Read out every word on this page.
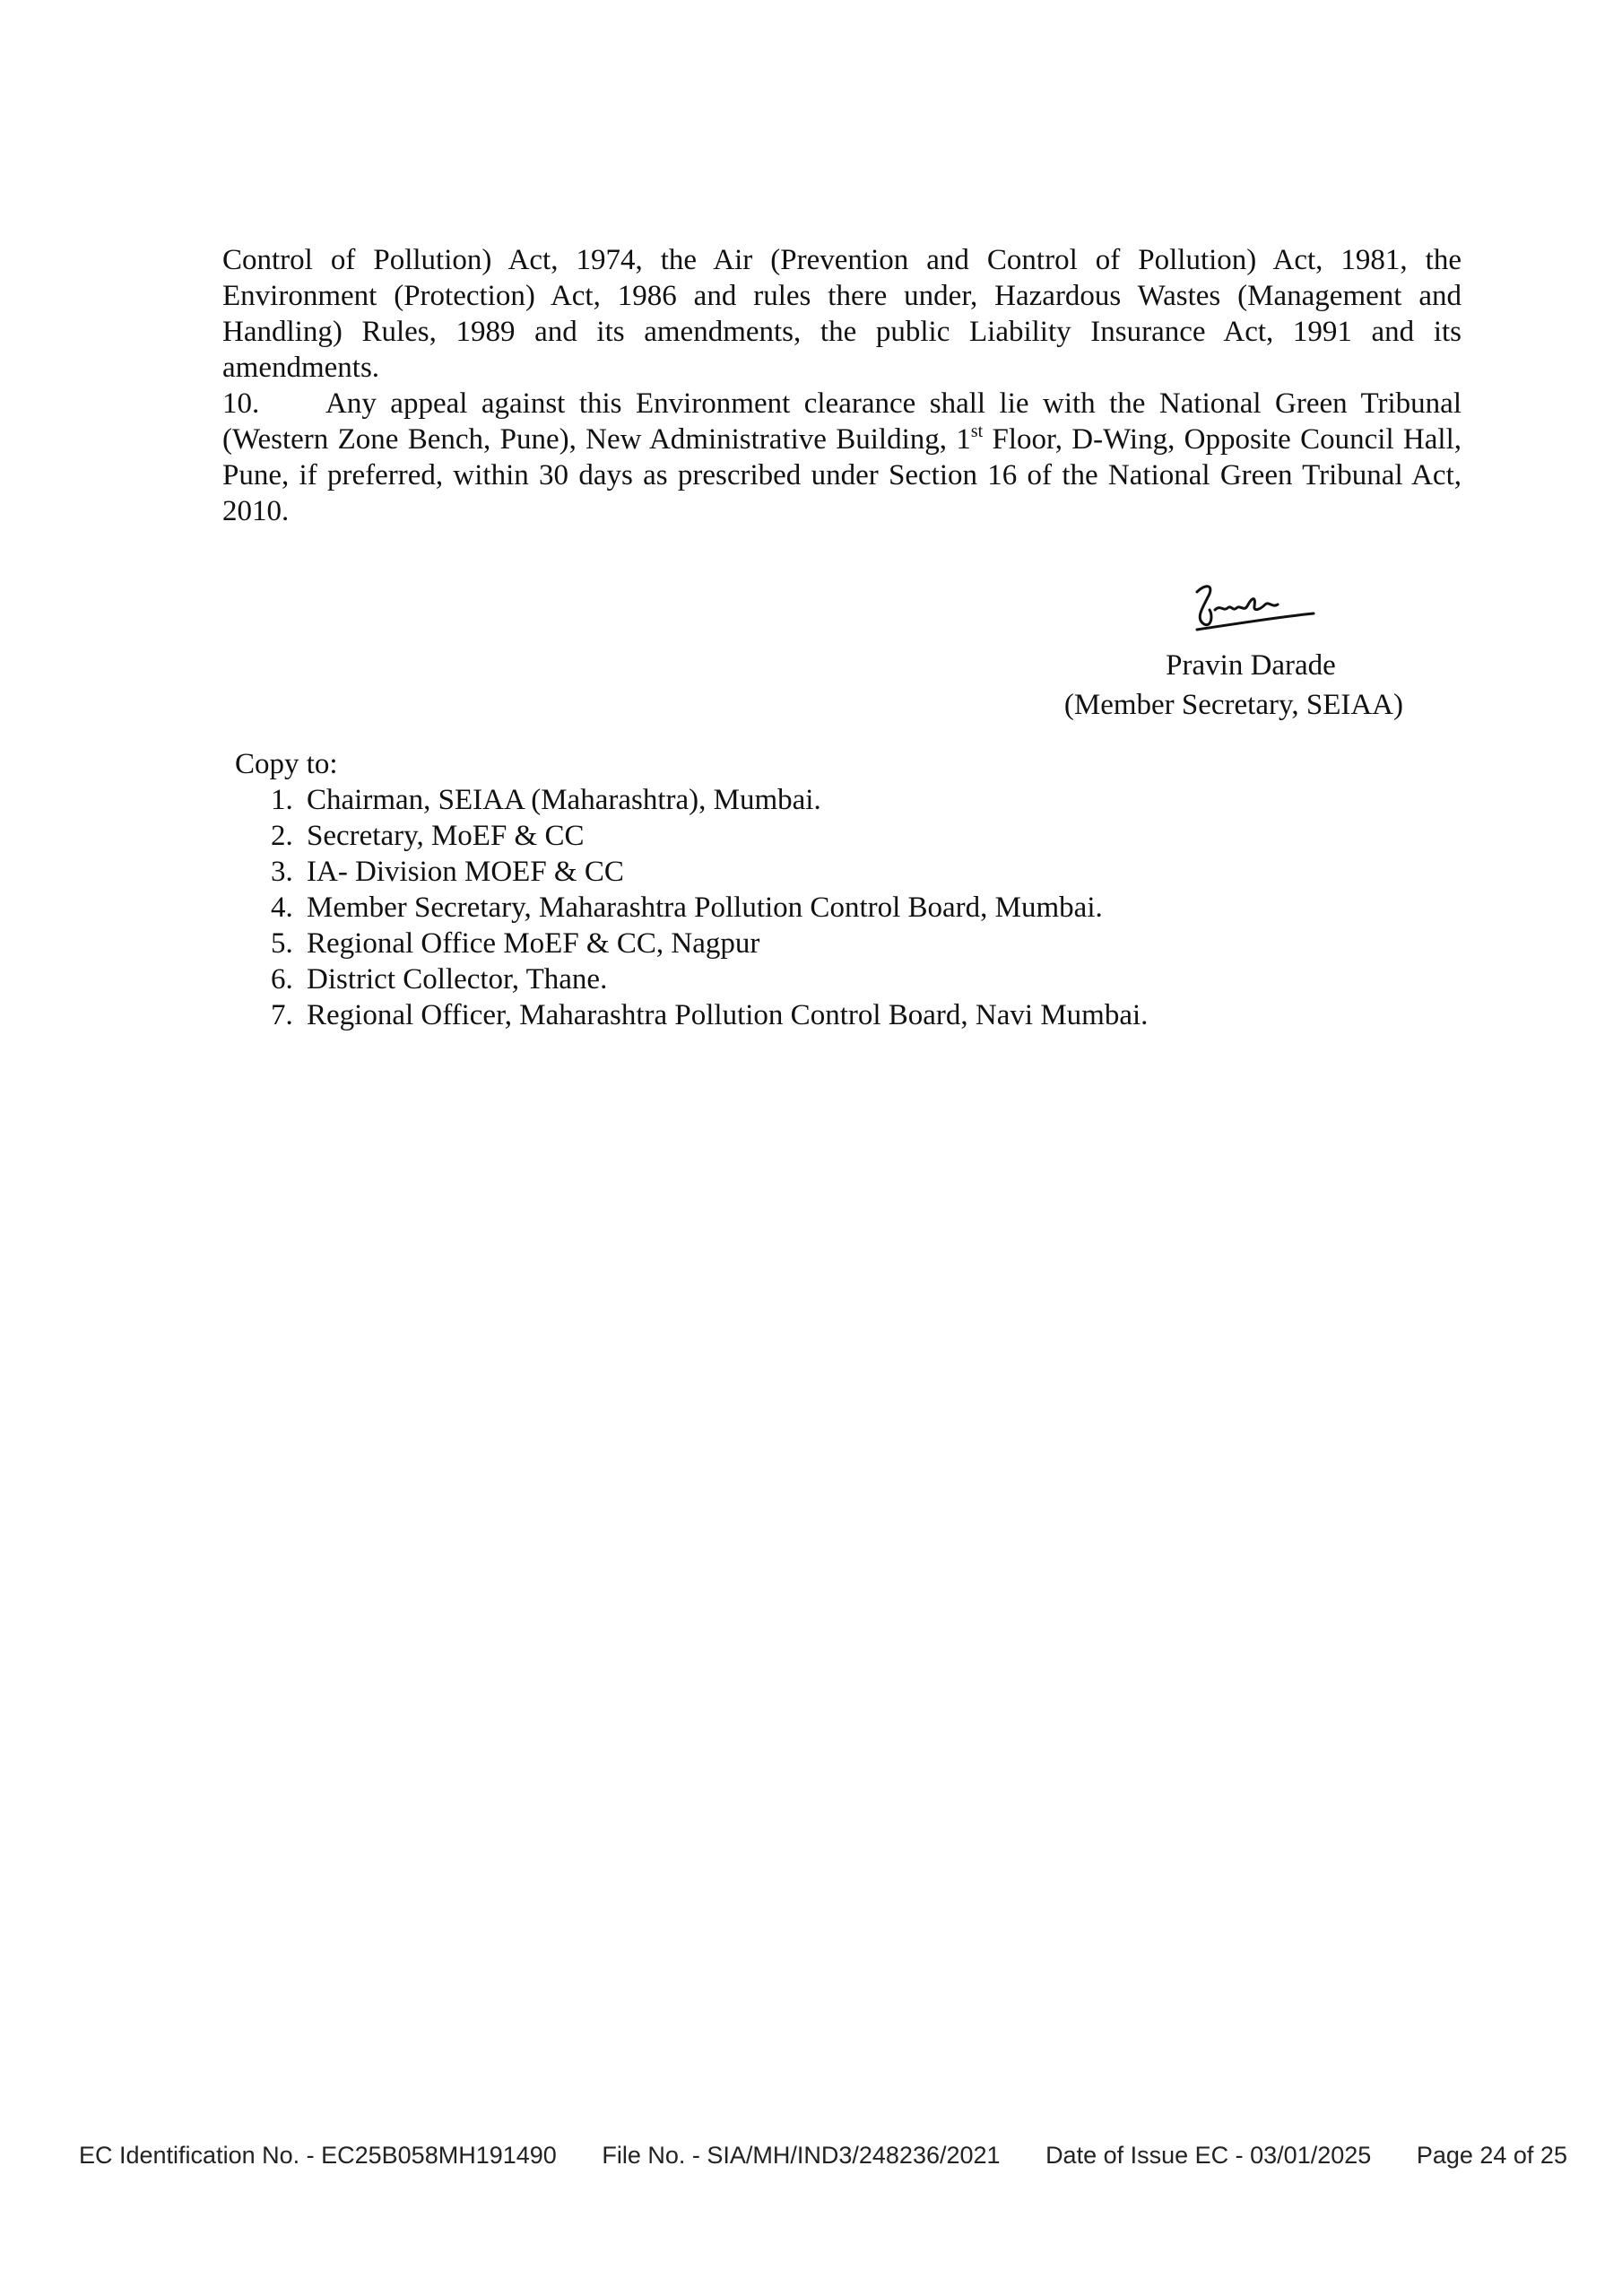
Control of Pollution) Act, 1974, the Air (Prevention and Control of Pollution) Act, 1981, the Environment (Protection) Act, 1986 and rules there under, Hazardous Wastes (Management and Handling) Rules, 1989 and its amendments, the public Liability Insurance Act, 1991 and its amendments.

10. Any appeal against this Environment clearance shall lie with the National Green Tribunal (Western Zone Bench, Pune), New Administrative Building, 1st Floor, D-Wing, Opposite Council Hall, Pune, if preferred, within 30 days as prescribed under Section 16 of the National Green Tribunal Act, 2010.

Pravin Darade
(Member Secretary, SEIAA)
Copy to:
1. Chairman, SEIAA (Maharashtra), Mumbai.
2. Secretary, MoEF & CC
3. IA- Division MOEF & CC
4. Member Secretary, Maharashtra Pollution Control Board, Mumbai.
5. Regional Office MoEF & CC, Nagpur
6. District Collector, Thane.
7. Regional Officer, Maharashtra Pollution Control Board, Navi Mumbai.
EC Identification No. - EC25B058MH191490 File No. - SIA/MH/IND3/248236/2021 Date of Issue EC - 03/01/2025 Page 24 of 25
